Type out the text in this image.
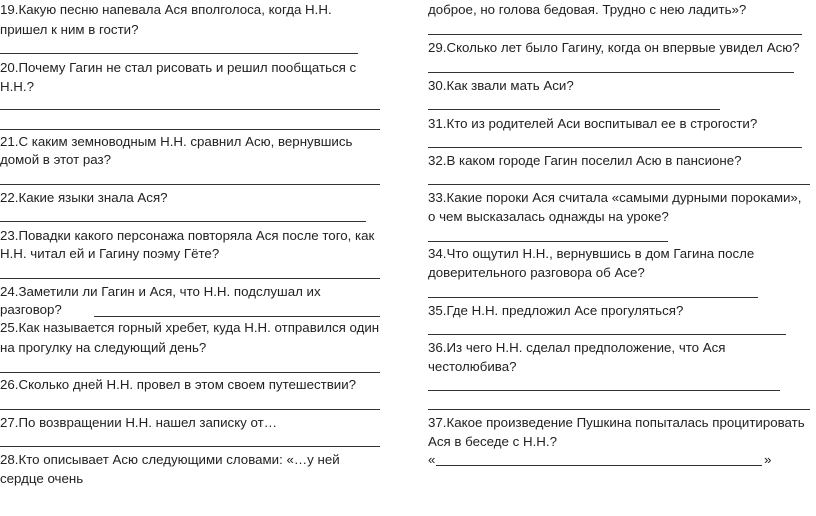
19.Какую песню напевала Ася вполголоса, когда Н.Н.
пришел к ним в гости?
20.Почему Гагин не стал рисовать и решил пообщаться с
Н.Н.?
21.С каким земноводным Н.Н. сравнил Асю, вернувшись
домой в этот раз?
22.Какие языки знала Ася?
23.Повадки какого персонажа повторяла Ася после того, как
Н.Н. читал ей и Гагину поэму Гёте?
24.Заметили ли Гагин и Ася, что Н.Н. подслушал их
разговор?
25.Как называется горный хребет, куда Н.Н. отправился один
на прогулку на следующий день?
26.Сколько дней Н.Н. провел в этом своем путешествии?
27.По возвращении Н.Н. нашел записку от…
28.Кто описывает Асю следующими словами: «…у ней
сердце очень
доброе, но голова бедовая. Трудно с нею ладить»?
29.Сколько лет было Гагину, когда он впервые увидел Асю?
30.Как звали мать Аси?
31.Кто из родителей Аси воспитывал ее в строгости?
32.В каком городе Гагин поселил Асю в пансионе?
33.Какие пороки Ася считала «самыми дурными пороками»,
о чем высказалась однажды на уроке?
34.Что ощутил Н.Н., вернувшись в дом Гагина после
доверительного разговора об Асе?
35.Где Н.Н. предложил Асе прогуляться?
36.Из чего Н.Н. сделал предположение, что Ася
честолюбива?
37.Какое произведение Пушкина попыталась процитировать
Ася в беседе с Н.Н.?
«	»
